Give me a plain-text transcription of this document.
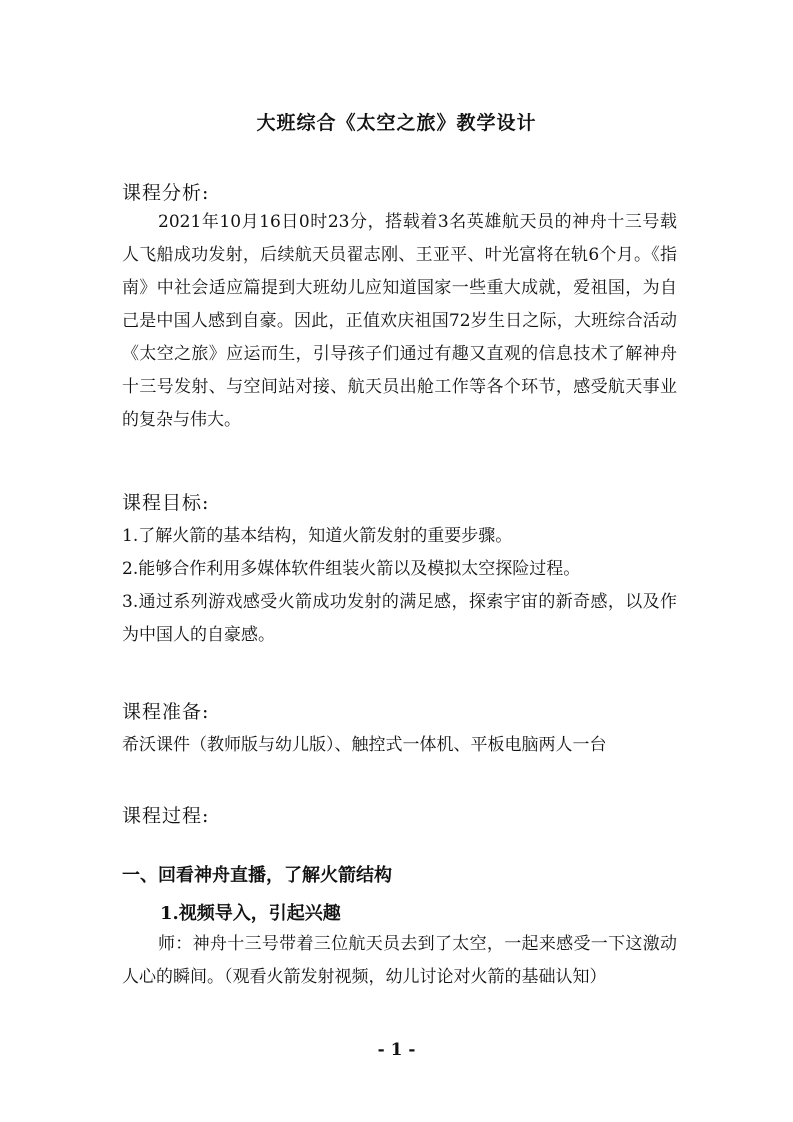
大班综合《太空之旅》教学设计
课程分析:

2021年10月16日0时23分，搭载着3名英雄航天员的神舟十三号载人飞船成功发射，后续航天员翟志刚、王亚平、叶光富将在轨6个月。《指南》中社会适应篇提到大班幼儿应知道国家一些重大成就，爱祖国，为自己是中国人感到自豪。因此，正值欢庆祖国72岁生日之际，大班综合活动《太空之旅》应运而生，引导孩子们通过有趣又直观的信息技术了解神舟十三号发射、与空间站对接、航天员出舱工作等各个环节，感受航天事业的复杂与伟大。

课程目标:
1.了解火箭的基本结构，知道火箭发射的重要步骤。
2.能够合作利用多媒体软件组装火箭以及模拟太空探险过程。
3.通过系列游戏感受火箭成功发射的满足感，探索宇宙的新奇感，以及作为中国人的自豪感。
课程准备:
希沃课件（教师版与幼儿版）、触控式一体机、平板电脑两人一台
课程过程:
一、回看神舟直播，了解火箭结构
1.视频导入，引起兴趣

师：神舟十三号带着三位航天员去到了太空，一起来感受一下这激动人心的瞬间。（观看火箭发射视频，幼儿讨论对火箭的基础认知）

- 1 -
